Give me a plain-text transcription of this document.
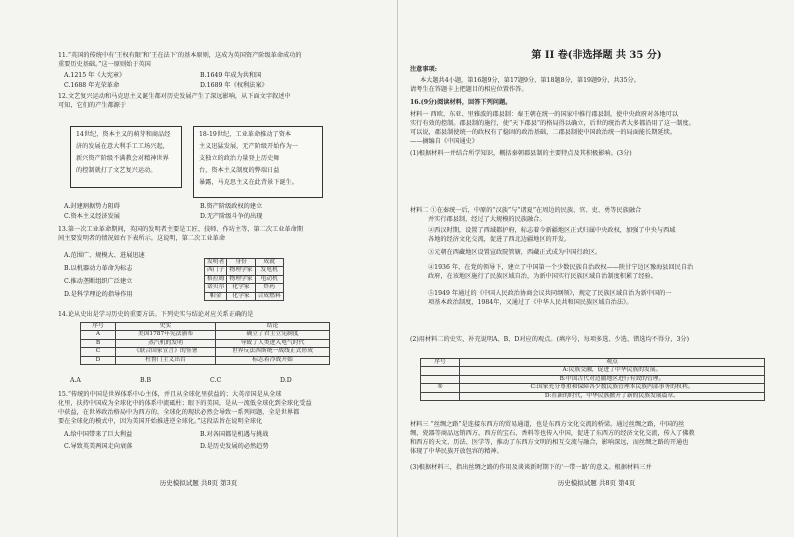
11.“英国的传统中有‘王权有限’和‘王在法下’的基本原则，这成为英国资产阶级革命成功的
重要历史基础。”这一原则始于英国
A.1215 年《大宪章》	B.1649 年成为共和国
C.1688 年光荣革命	D.1689 年《权利法案》
12.文艺复兴运动和马克思主义诞生都对历史发展产生了深远影响，从下面文字叙述中
可知，它们的产生都源于
14世纪，资本主义的萌芽和商品经
济的发展在意大利手工工场兴起，
新兴资产阶级不满教会对精神世界
的控制就打了文艺复兴运动。
18-19世纪，工业革命推动了资本
主义迅猛发展，无产阶级开始作为一
支独立的政治力量登上历史舞
台，资本主义制度的弊端日益
暴露，马克思主义在此背景下诞生。
A.封建割据势力阻碍	B.资产阶级政权的建立
C.资本主义经济发展	D.无产阶级斗争的出现
13.第一次工业革命期间，英国的发明者主要是工匠、技师、作坊主等，第二次工业革命期
间主要发明者的情况如右下表所示。这说明，第二次工业革命
A.范围广、规模大、进展迅速
B.以机器动力革命为标志
C.推动垄断组织广泛建立
D.是科学理论的指导作用
发明者	身份	成就
西门子	物理学家	发电机
格拉姆	物理学家	电动机
诺贝尔	化学家	炸药
帕金	化学家	合成燃料
14.论从史出是学习历史的重要方法。下列史实与结论对应关系正确的是
序号	史实	结论
A	美国1787年宪法颁布	确立了君主立宪制度
B	蒸汽机的发明	导致了人类进入电气时代
C	《联合国家宣言》的签署	世界反法西斯统一战线正式形成
D	杜鲁门主义出台	标志着冷战开始
A.A	B.B	C.C	D.D
15.“传统的中国是世界体系中心主体，并且从全球化里获益的；大英帝国是从全球
化里，扶持中国成为全球化中的体系中流砥柱；眼下的美国，是从一流低全球化到全球化受益
中获益，在世界政治格局中为西方的，全球化的现状必然会导致一系列问题，全是世界都
要在全球化的模式中，因为美国开始推进逆全球化。”这段话旨在说明全球化
A.给中国带来了巨大利益	B.对各国都是机遇与挑战
C.导致英美两国走向衰落	D.是历史发展的必然趋势
历史模拟试题 共8页 第3页
第 II 卷(非选择题 共 35 分)
注意事项:
本大题共4小题，第16题9分，第17题9分，第18题8分，第19题9分，共35分。
请考生在答题卡上把题目的相应位置作答。
16.(9分)阅读材料，回答下列问题。
材料一 西欧、东亚、里雅波的郡县制：秦王朝在统一的国家中推行郡县制，使中央政府对各地可以
实行有效的控制。郡县制的施行，使“天下郡县”的格局得以确立，后世的统治者大多都沿用了这一制度。
可以说，郡县制使统一的政权有了稳固的政治基础，二郡县制使中国政治统一的局面能长期延续。
——摘编自《中国通史》
(1)根据材料一并结合所学知识，概括秦朝郡县制的主要特点及其积极影响。(3分)
材料二 ①在秦统一后，中原的“汉族”与“诸夏”在周边的民族、官、吏、勇等民族融合
并实行郡县制，经过了大规模的民族融合。
②西汉时期，设置了西域都护府，标志着今新疆地区正式归属中央政权，加强了中央与西域
各地的经济文化交流，促进了西北边疆地区的开发。
③元朝在西藏地区设置宣政院管辖，西藏正式成为中国行政区。
④1936 年，在党的领导下，建立了中国第一个少数民族自治政权——陕甘宁边区豫海县回民自治
政府，在该地区施行了民族区域自治，为新中国实行民族区域自治制度积累了经验。
⑤1949 年通过的《中国人民政治协商会议共同纲领》，规定了民族区域自治为新中国的一
项基本政治制度，1984年，又通过了《中华人民共和国民族区域自治法》。
(2)用材料二的史实，补充说明A、B、D对应的观点。(填序号，每项多选、少选、错选均不得分，3分)
序号	观点
	A:民族交融，促进了中华民族的发展。
	B:中国古代对边疆地区进行有效的管理。
⑤	C:国家充分尊重和保障各少数民族管理本民族内部事务的权利。
	D:在新的时代，中华民族掀开了新的民族发展篇章。
材料三 “丝绸之路”是连接东西方的贸易通道，也是东西方文化交流的桥梁。通过丝绸之路，中国的丝
绸、瓷器等商品远销西方，西方的宝石、香料等也传入中国，促进了东西方的经济文化交流，传入了佛教
和西方的天文、历法、医学等，推动了东西方文明的相互交流与融合，影响深远，而丝绸之路的开通也
体现了中华民族开放包容的精神。
(3)根据材料三，指出丝绸之路的作用及谈谈新时期下的‘一带一路’的意义。根据材料三并
历史模拟试题 共8页 第4页
